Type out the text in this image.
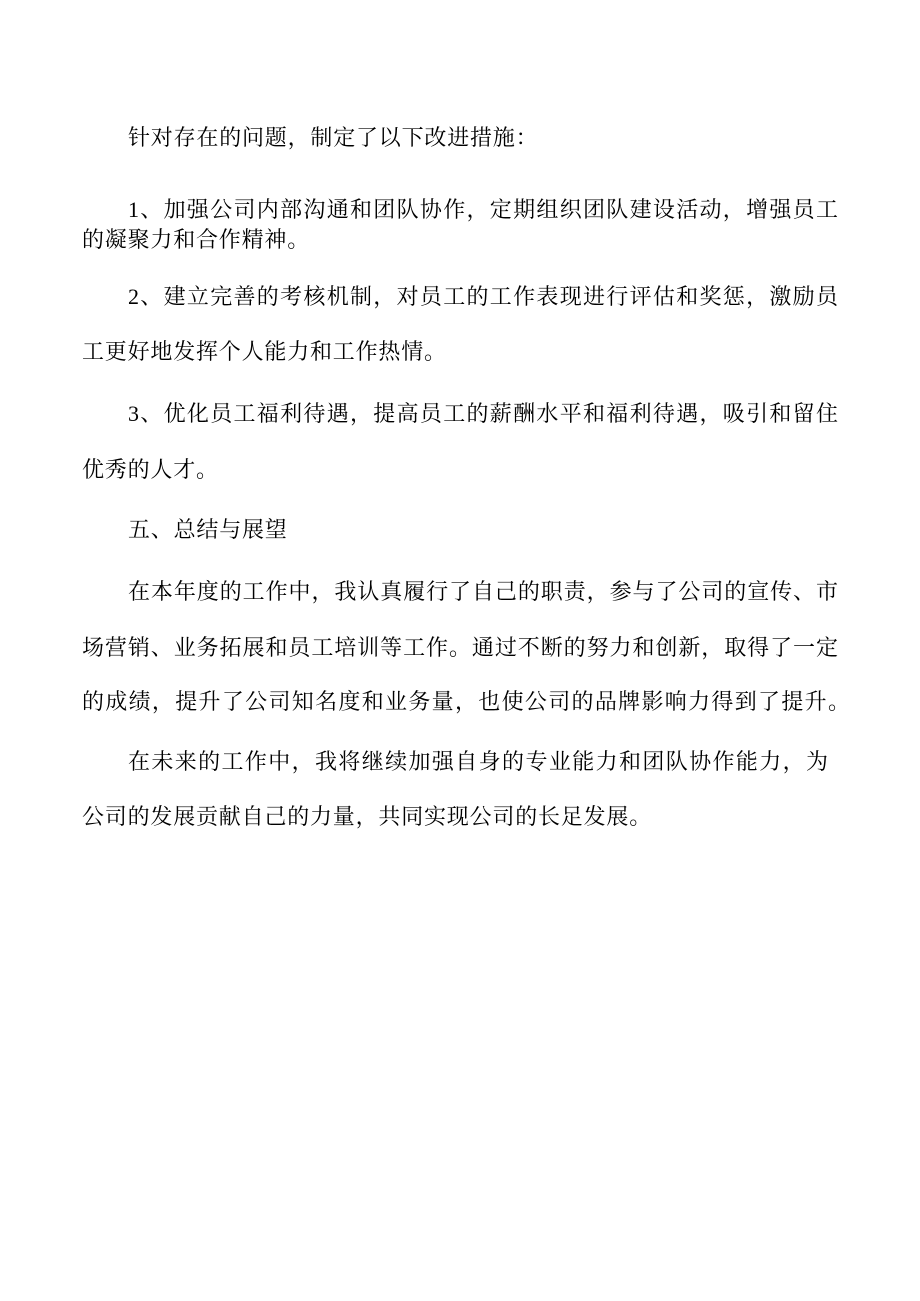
针对存在的问题，制定了以下改进措施：
1、加强公司内部沟通和团队协作，定期组织团队建设活动，增强员工
的凝聚力和合作精神。
2、建立完善的考核机制，对员工的工作表现进行评估和奖惩，激励员
工更好地发挥个人能力和工作热情。
3、优化员工福利待遇，提高员工的薪酬水平和福利待遇，吸引和留住
优秀的人才。
五、总结与展望
在本年度的工作中，我认真履行了自己的职责，参与了公司的宣传、市
场营销、业务拓展和员工培训等工作。通过不断的努力和创新，取得了一定
的成绩，提升了公司知名度和业务量，也使公司的品牌影响力得到了提升。
在未来的工作中，我将继续加强自身的专业能力和团队协作能力，为
公司的发展贡献自己的力量，共同实现公司的长足发展。
